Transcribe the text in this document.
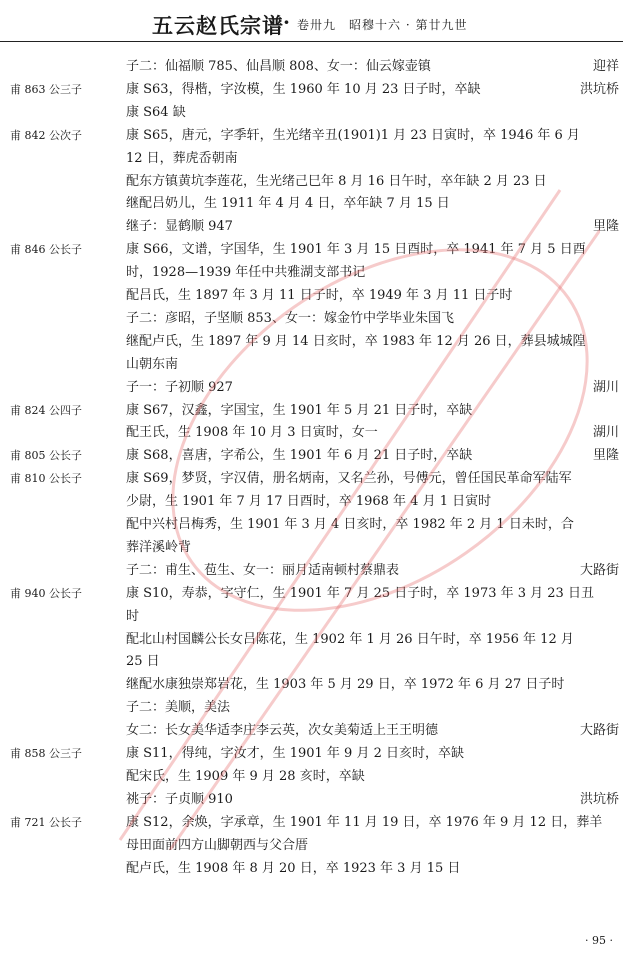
五云赵氏宗谱 · 卷卅九　昭穆十六 · 第廿九世
子二：仙福顺 785、仙昌顺 808、女一：仙云嫁壶镇	迎祥
甫 863 公三子	康 S63，得楷，字汝模，生 1960 年 10 月 23 日子时，卒缺	洪坑桥
康 S64 缺
甫 842 公次子	康 S65，唐元，字季轩，生光绪辛丑(1901)1 月 23 日寅时，卒 1946 年 6 月
12 日，葬虎岙朝南
配东方镇黄坑李莲花，生光绪己巳年 8 月 16 日午时，卒年缺 2 月 23 日
继配吕奶儿，生 1911 年 4 月 4 日，卒年缺 7 月 15 日
继子：显鹤顺 947	里隆
甫 846 公长子	康 S66，文谱，字国华，生 1901 年 3 月 15 日酉时，卒 1941 年 7 月 5 日酉
时，1928—1939 年任中共雅湖支部书记
配吕氏，生 1897 年 3 月 11 日子时，卒 1949 年 3 月 11 日子时
子二：彦昭，子坚顺 853、女一：嫁金竹中学毕业朱国飞
继配卢氏，生 1897 年 9 月 14 日亥时，卒 1983 年 12 月 26 日，葬县城城隍
山朝东南
子一：子初顺 927	湖川
甫 824 公四子	康 S67，汉鑫，字国宝，生 1901 年 5 月 21 日子时，卒缺
配王氏，生 1908 年 10 月 3 日寅时，女一	湖川
甫 805 公长子	康 S68，喜唐，字希公，生 1901 年 6 月 21 日子时，卒缺	里隆
甫 810 公长子	康 S69，梦贤，字汉倩，册名炳南，又名兰孙，号傅元，曾任国民革命军陆军
少尉，生 1901 年 7 月 17 日酉时，卒 1968 年 4 月 1 日寅时
配中兴村吕梅秀，生 1901 年 3 月 4 日亥时，卒 1982 年 2 月 1 日未时，合
葬洋溪岭背
子二：甫生、苞生、女一：丽月适南顿村蔡鼎表	大路街
甫 940 公长子	康 S10，寿恭，字守仁，生 1901 年 7 月 25 日子时，卒 1973 年 3 月 23 日丑
时
配北山村国麟公长女吕陈花，生 1902 年 1 月 26 日午时，卒 1956 年 12 月
25 日
继配水康独崇郑岩花，生 1903 年 5 月 29 日，卒 1972 年 6 月 27 日子时
子二：美顺，美法
女二：长女美华适李庄李云英，次女美菊适上王王明德	大路街
甫 858 公三子	康 S11，得纯，字汝才，生 1901 年 9 月 2 日亥时，卒缺
配宋氏，生 1909 年 9 月 28 亥时，卒缺
祧子：子贞顺 910	洪坑桥
甫 721 公长子	康 S12，余焕，字承章，生 1901 年 11 月 19 日，卒 1976 年 9 月 12 日，葬羊
母田面前四方山脚朝西与父合厝
配卢氏，生 1908 年 8 月 20 日，卒 1923 年 3 月 15 日
· 95 ·
